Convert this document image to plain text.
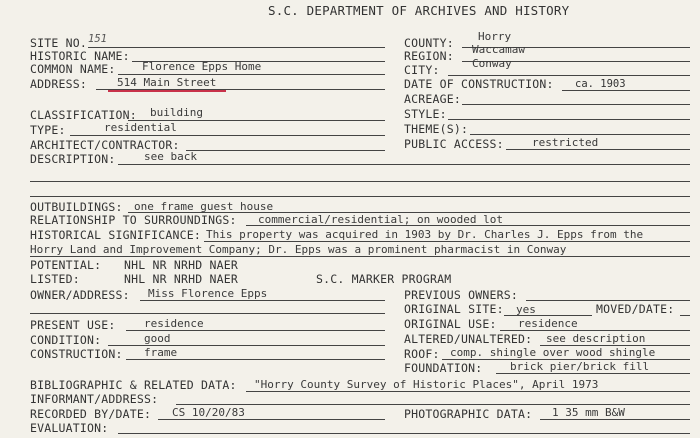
S.C. DEPARTMENT OF ARCHIVES AND HISTORY
SITE NO. 151
HISTORIC NAME:
COMMON NAME: Florence Epps Home
ADDRESS:	514 Main Street
CLASSIFICATION: building
TYPE:	residential
ARCHITECT/CONTRACTOR:
DESCRIPTION:	see back
COUNTY: Horry
REGION: Waccamaw
CITY:	Conway
DATE OF CONSTRUCTION: ca. 1903
ACREAGE:
STYLE:
THEME(S):
PUBLIC ACCESS:	restricted
OUTBUILDINGS: one frame guest house
RELATIONSHIP TO SURROUNDINGS: commercial/residential; on wooded lot
HISTORICAL SIGNIFICANCE: This property was acquired in 1903 by Dr. Charles J. Epps from the
Horry Land and Improvement Company; Dr. Epps was a prominent pharmacist in Conway
POTENTIAL: NHL NR NRHD NAER
LISTED:	NHL NR NRHD NAER	S.C. MARKER PROGRAM
OWNER/ADDRESS: Miss Florence Epps	PREVIOUS OWNERS:
ORIGINAL SITE: yes	MOVED/DATE:
PRESENT USE:	residence	ORIGINAL USE: residence
CONDITION:	good	ALTERED/UNALTERED: see description
CONSTRUCTION: frame	ROOF: comp. shingle over wood shingle
FOUNDATION:	brick pier/brick fill
BIBLIOGRAPHIC & RELATED DATA: "Horry County Survey of Historic Places", April 1973
INFORMANT/ADDRESS:
RECORDED BY/DATE: CS 10/20/83	PHOTOGRAPHIC DATA: 1 35 mm B&W
EVALUATION:
